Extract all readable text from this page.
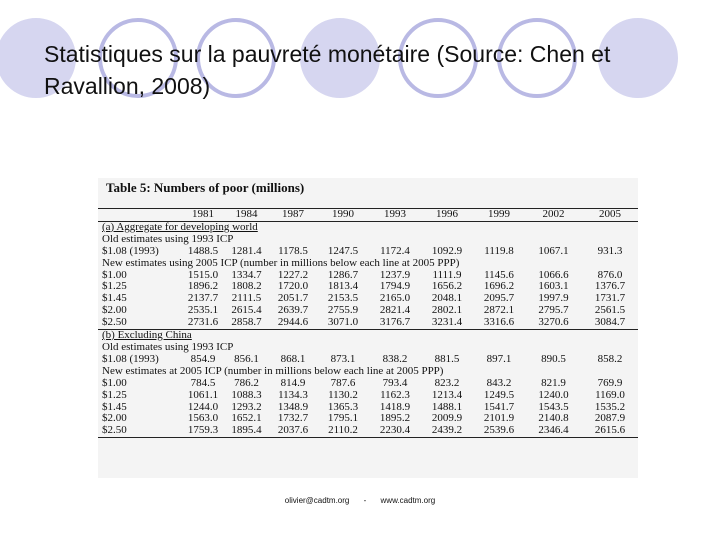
Statistiques sur la pauvreté monétaire (Source: Chen et Ravallion, 2008)
Table 5: Numbers of poor (millions)
	1981	1984	1987	1990	1993	1996	1999	2002	2005
(a) Aggregate for developing world									
Old estimates using 1993 ICP									
$1.08 (1993)	1488.5	1281.4	1178.5	1247.5	1172.4	1092.9	1119.8	1067.1	931.3
New estimates using 2005 ICP (number in millions below each line at 2005 PPP)									
$1.00	1515.0	1334.7	1227.2	1286.7	1237.9	1111.9	1145.6	1066.6	876.0
$1.25	1896.2	1808.2	1720.0	1813.4	1794.9	1656.2	1696.2	1603.1	1376.7
$1.45	2137.7	2111.5	2051.7	2153.5	2165.0	2048.1	2095.7	1997.9	1731.7
$2.00	2535.1	2615.4	2639.7	2755.9	2821.4	2802.1	2872.1	2795.7	2561.5
$2.50	2731.6	2858.7	2944.6	3071.0	3176.7	3231.4	3316.6	3270.6	3084.7
(b) Excluding China									
Old estimates using 1993 ICP									
$1.08 (1993)	854.9	856.1	868.1	873.1	838.2	881.5	897.1	890.5	858.2
New estimates at 2005 ICP (number in millions below each line at 2005 PPP)									
$1.00	784.5	786.2	814.9	787.6	793.4	823.2	843.2	821.9	769.9
$1.25	1061.1	1088.3	1134.3	1130.2	1162.3	1213.4	1249.5	1240.0	1169.0
$1.45	1244.0	1293.2	1348.9	1365.3	1418.9	1488.1	1541.7	1543.5	1535.2
$2.00	1563.0	1652.1	1732.7	1795.1	1895.2	2009.9	2101.9	2140.8	2087.9
$2.50	1759.3	1895.4	2037.6	2110.2	2230.4	2439.2	2539.6	2346.4	2615.6
olivier@cadtm.org - www.cadtm.org
